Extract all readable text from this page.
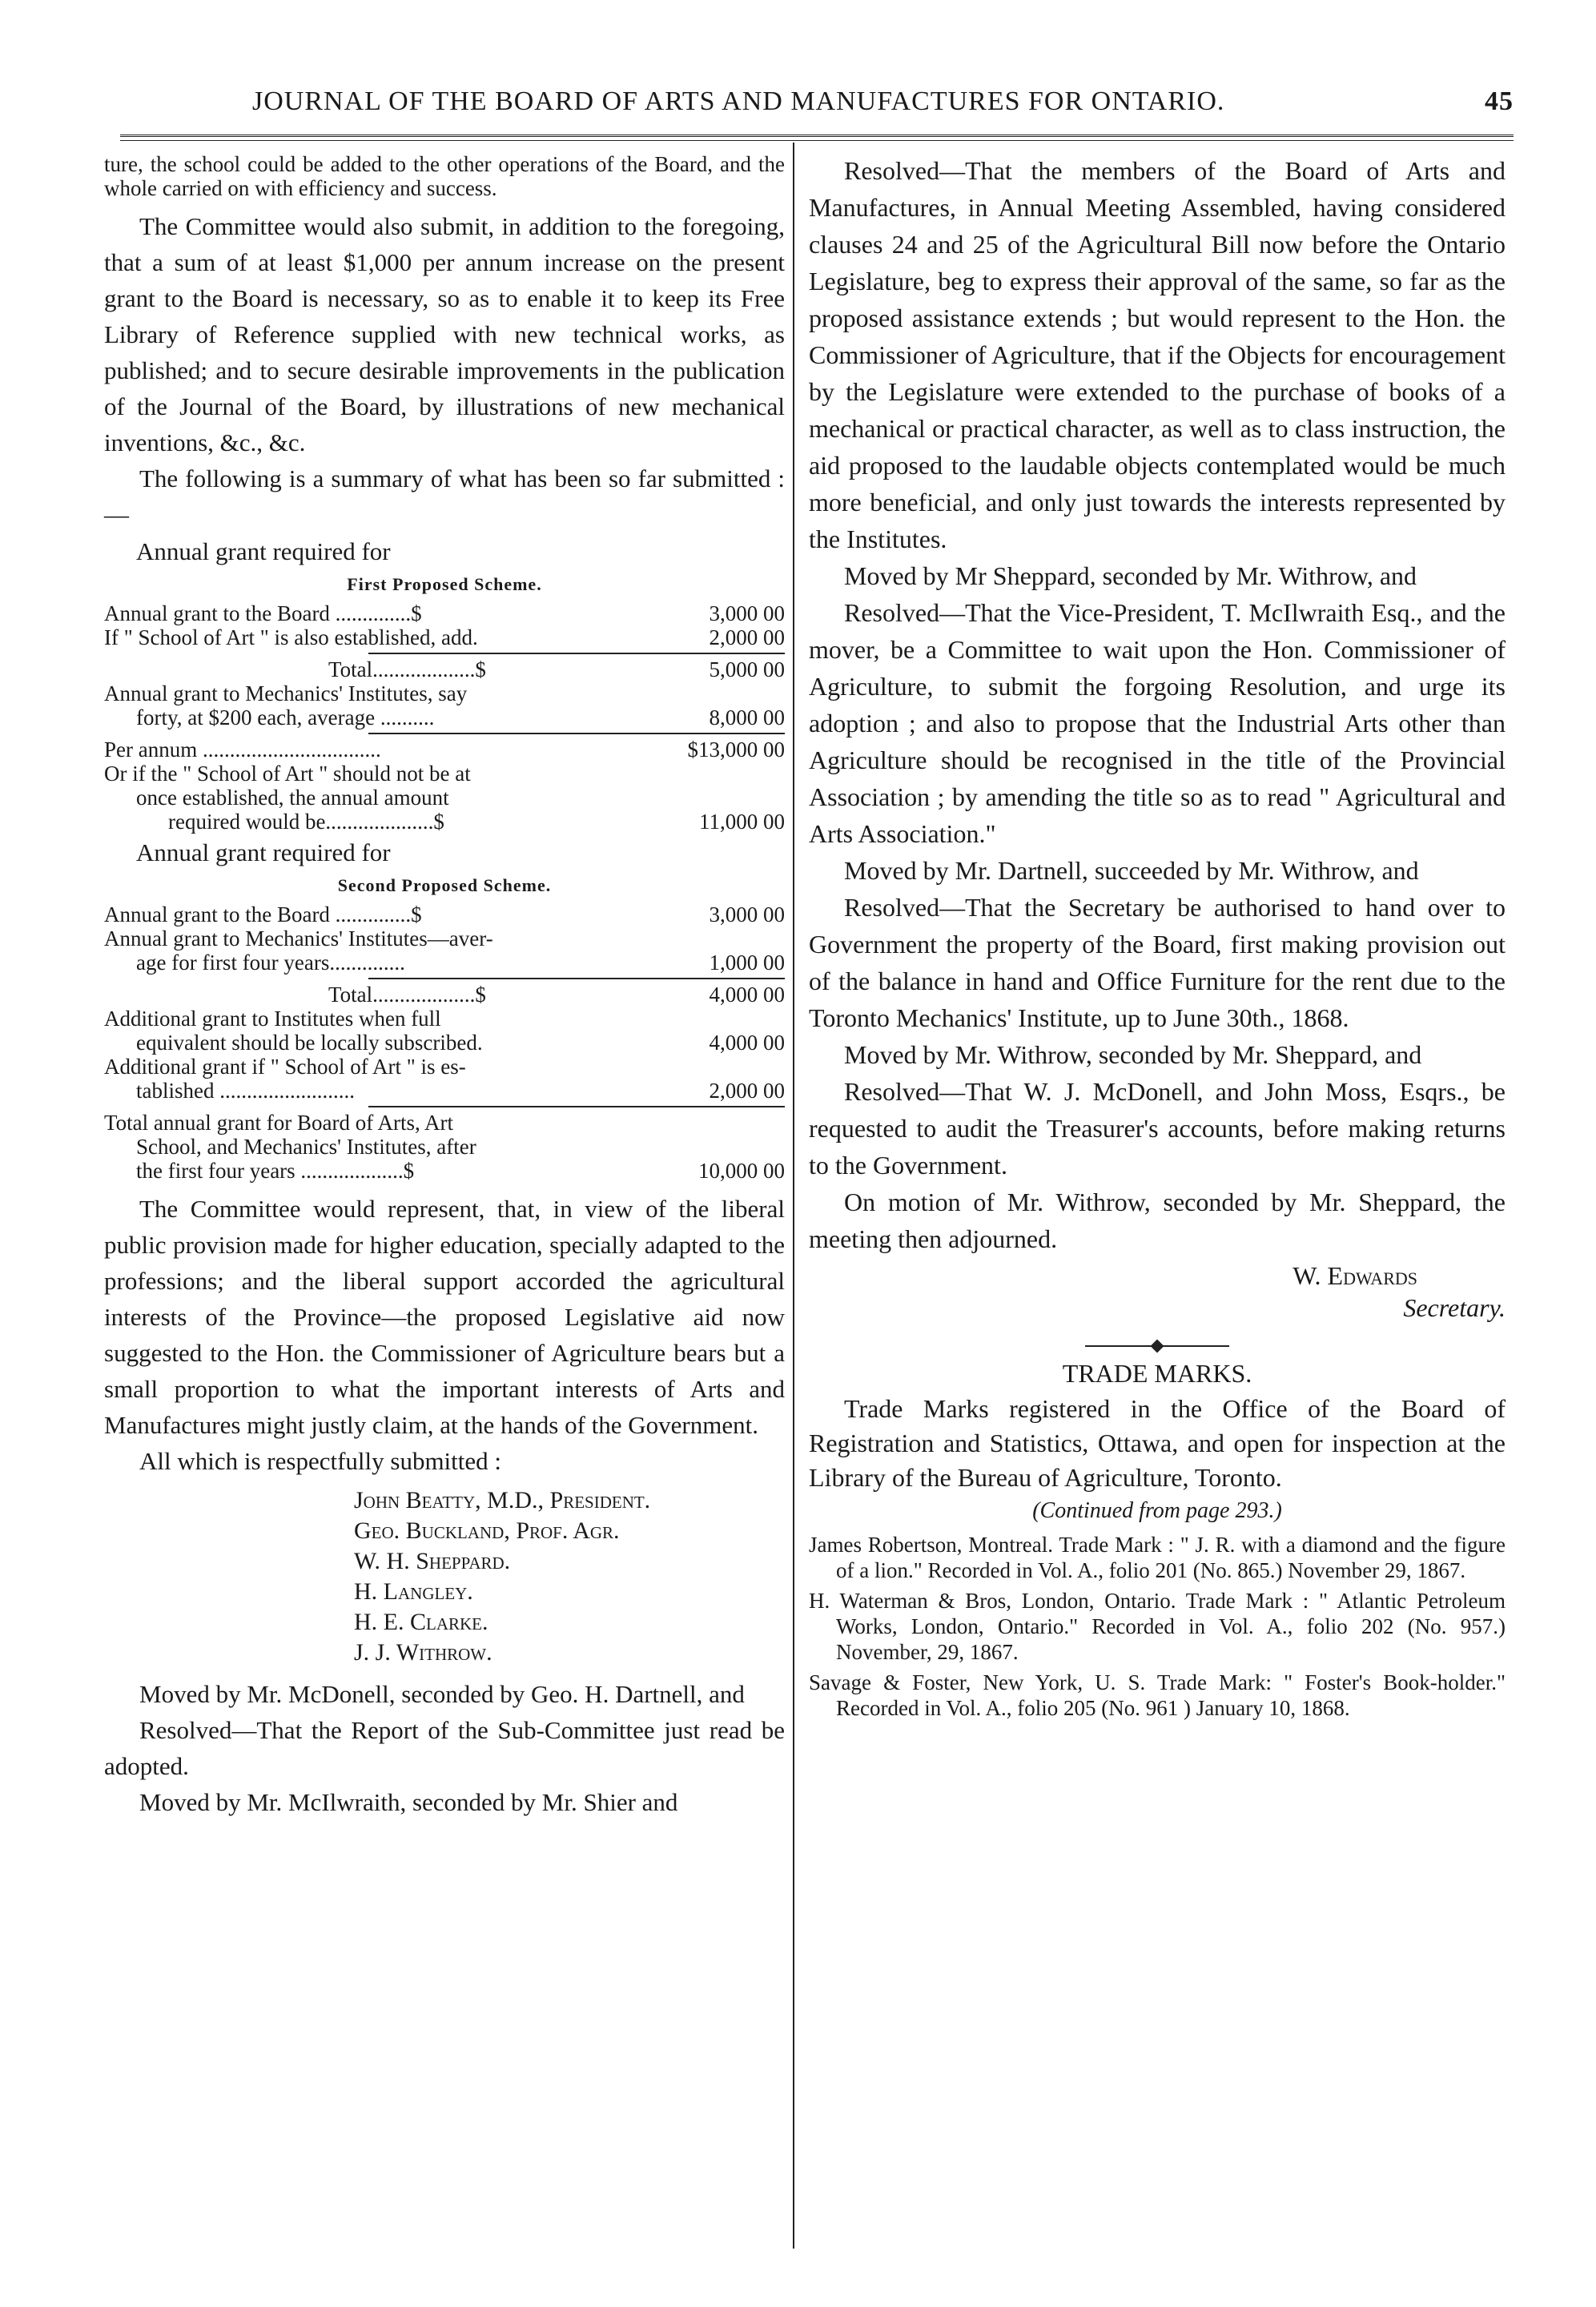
JOURNAL OF THE BOARD OF ARTS AND MANUFACTURES FOR ONTARIO.	45

ture, the school could be added to the other operations of the Board, and the whole carried on with efficiency and success.

The Committee would also submit, in addition to the foregoing, that a sum of at least $1,000 per annum increase on the present grant to the Board is necessary, so as to enable it to keep its Free Library of Reference supplied with new technical works, as published; and to secure desirable improvements in the publication of the Journal of the Board, by illustrations of new mechanical inventions, &c., &c.

The following is a summary of what has been so far submitted :—

Annual grant required for
First Proposed Scheme.
Annual grant to the Board ..............$	3,000 00
If " School of Art " is also established, add.	2,000 00
Total...................$	5,000 00
Annual grant to Mechanics' Institutes, say
forty, at $200 each, average ..........	8,000 00
Per annum .................................	$13,000 00
Or if the " School of Art " should not be at
once established, the annual amount
required would be....................$	11,000 00
Annual grant required for
Second Proposed Scheme.
Annual grant to the Board ..............$	3,000 00
Annual grant to Mechanics' Institutes—aver-
age for first four years..............	1,000 00
Total...................$	4,000 00
Additional grant to Institutes when full
equivalent should be locally subscribed.	4,000 00
Additional grant if " School of Art " is es-
tablished .........................	2,000 00
Total annual grant for Board of Arts, Art
School, and Mechanics' Institutes, after
the first four years ...................$	10,000 00

The Committee would represent, that, in view of the liberal public provision made for higher education, specially adapted to the professions; and the liberal support accorded the agricultural interests of the Province—the proposed Legislative aid now suggested to the Hon. the Commissioner of Agriculture bears but a small proportion to what the important interests of Arts and Manufactures might justly claim, at the hands of the Government.

All which is respectfully submitted :

John Beatty, M.D., President.
Geo. Buckland, Prof. Agr.
W. H. Sheppard.
H. Langley.
H. E. Clarke.
J. J. Withrow.

Moved by Mr. McDonell, seconded by Geo. H. Dartnell, and

Resolved—That the Report of the Sub-Committee just read be adopted.

Moved by Mr. McIlwraith, seconded by Mr. Shier and

Resolved—That the members of the Board of Arts and Manufactures, in Annual Meeting Assembled, having considered clauses 24 and 25 of the Agricultural Bill now before the Ontario Legislature, beg to express their approval of the same, so far as the proposed assistance extends ; but would represent to the Hon. the Commissioner of Agriculture, that if the Objects for encouragement by the Legislature were extended to the purchase of books of a mechanical or practical character, as well as to class instruction, the aid proposed to the laudable objects contemplated would be much more beneficial, and only just towards the interests represented by the Institutes.

Moved by Mr Sheppard, seconded by Mr. Withrow, and

Resolved—That the Vice-President, T. McIlwraith Esq., and the mover, be a Committee to wait upon the Hon. Commissioner of Agriculture, to submit the forgoing Resolution, and urge its adoption ; and also to propose that the Industrial Arts other than Agriculture should be recognised in the title of the Provincial Association ; by amending the title so as to read " Agricultural and Arts Association."

Moved by Mr. Dartnell, succeeded by Mr. Withrow, and

Resolved—That the Secretary be authorised to hand over to Government the property of the Board, first making provision out of the balance in hand and Office Furniture for the rent due to the Toronto Mechanics' Institute, up to June 30th., 1868.

Moved by Mr. Withrow, seconded by Mr. Sheppard, and

Resolved—That W. J. McDonell, and John Moss, Esqrs., be requested to audit the Treasurer's accounts, before making returns to the Government.

On motion of Mr. Withrow, seconded by Mr. Sheppard, the meeting then adjourned.

W. Edwards
Secretary.
TRADE MARKS.

Trade Marks registered in the Office of the Board of Registration and Statistics, Ottawa, and open for inspection at the Library of the Bureau of Agriculture, Toronto.

(Continued from page 293.)

James Robertson, Montreal. Trade Mark : " J. R. with a diamond and the figure of a lion." Recorded in Vol. A., folio 201 (No. 865.) November 29, 1867.

H. Waterman & Bros, London, Ontario. Trade Mark : " Atlantic Petroleum Works, London, Ontario." Recorded in Vol. A., folio 202 (No. 957.) November, 29, 1867.

Savage & Foster, New York, U. S. Trade Mark: " Foster's Book-holder." Recorded in Vol. A., folio 205 (No. 961 ) January 10, 1868.
